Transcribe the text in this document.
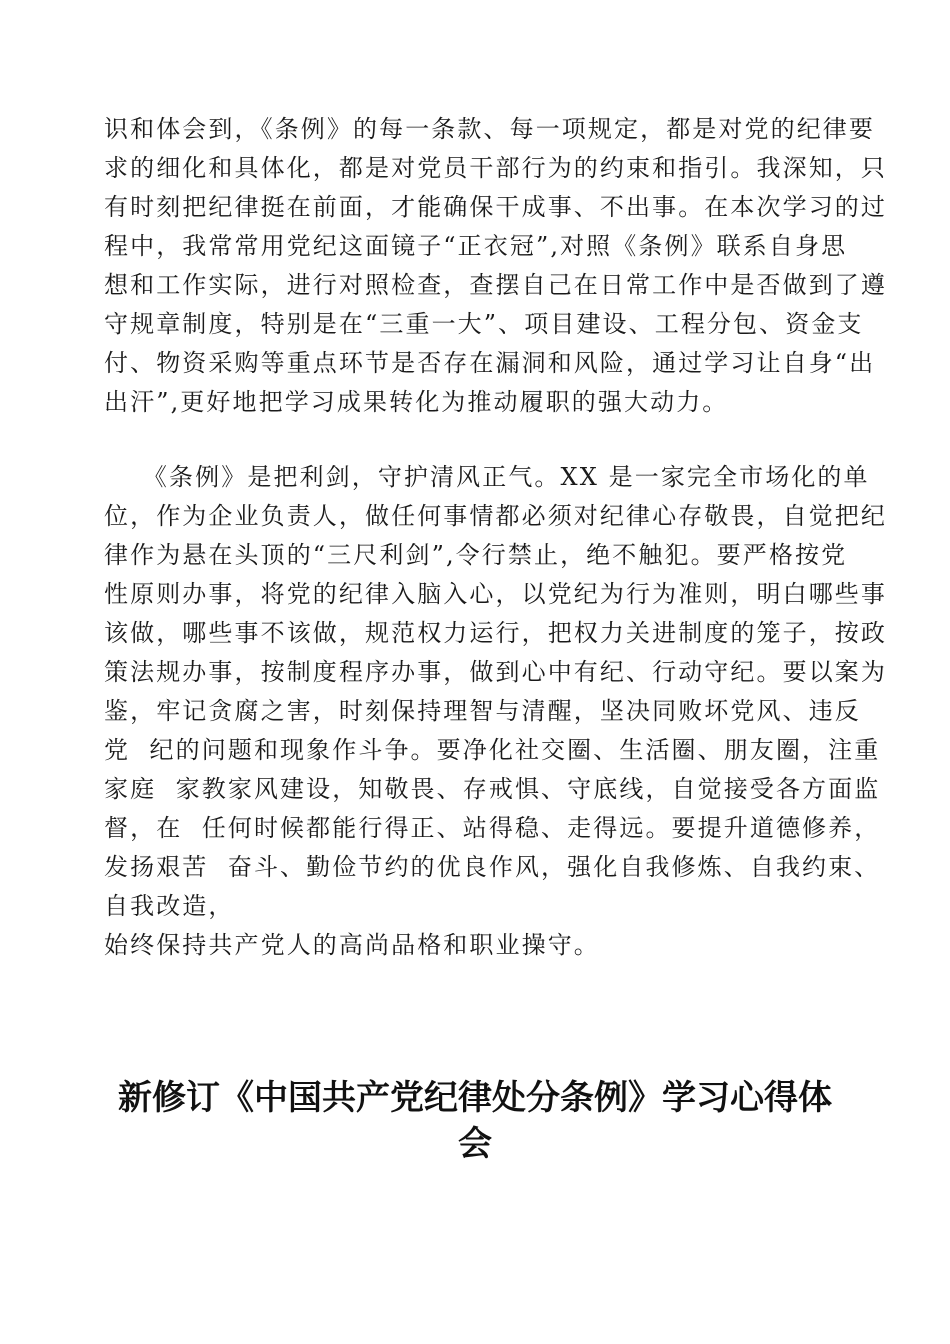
识和体会到，《条例》的每一条款、每一项规定，都是对党的纪律要
求的细化和具体化，都是对党员干部行为的约束和指引。我深知，只
有时刻把纪律挺在前面，才能确保干成事、不出事。在本次学习的过
程中，我常常用党纪这面镜子“正衣冠”,对照《条例》联系自身思
想和工作实际，进行对照检查，查摆自己在日常工作中是否做到了遵
守规章制度，特别是在“三重一大”、项目建设、工程分包、资金支
付、物资采购等重点环节是否存在漏洞和风险，通过学习让自身“出
出汗”,更好地把学习成果转化为推动履职的强大动力。
《条例》是把利剑，守护清风正气。XX 是一家完全市场化的单
位，作为企业负责人，做任何事情都必须对纪律心存敬畏，自觉把纪
律作为悬在头顶的“三尺利剑”,令行禁止，绝不触犯。要严格按党
性原则办事，将党的纪律入脑入心，以党纪为行为准则，明白哪些事
该做，哪些事不该做，规范权力运行，把权力关进制度的笼子，按政
策法规办事，按制度程序办事，做到心中有纪、行动守纪。要以案为
鉴，牢记贪腐之害，时刻保持理智与清醒，坚决同败坏党风、违反
党  纪的问题和现象作斗争。要净化社交圈、生活圈、朋友圈，注重
家庭  家教家风建设，知敬畏、存戒惧、守底线，自觉接受各方面监
督，在  任何时候都能行得正、站得稳、走得远。要提升道德修养，
发扬艰苦  奋斗、勤俭节约的优良作风，强化自我修炼、自我约束、
自我改造，
始终保持共产党人的高尚品格和职业操守。
新修订《中国共产党纪律处分条例》学习心得体
会
